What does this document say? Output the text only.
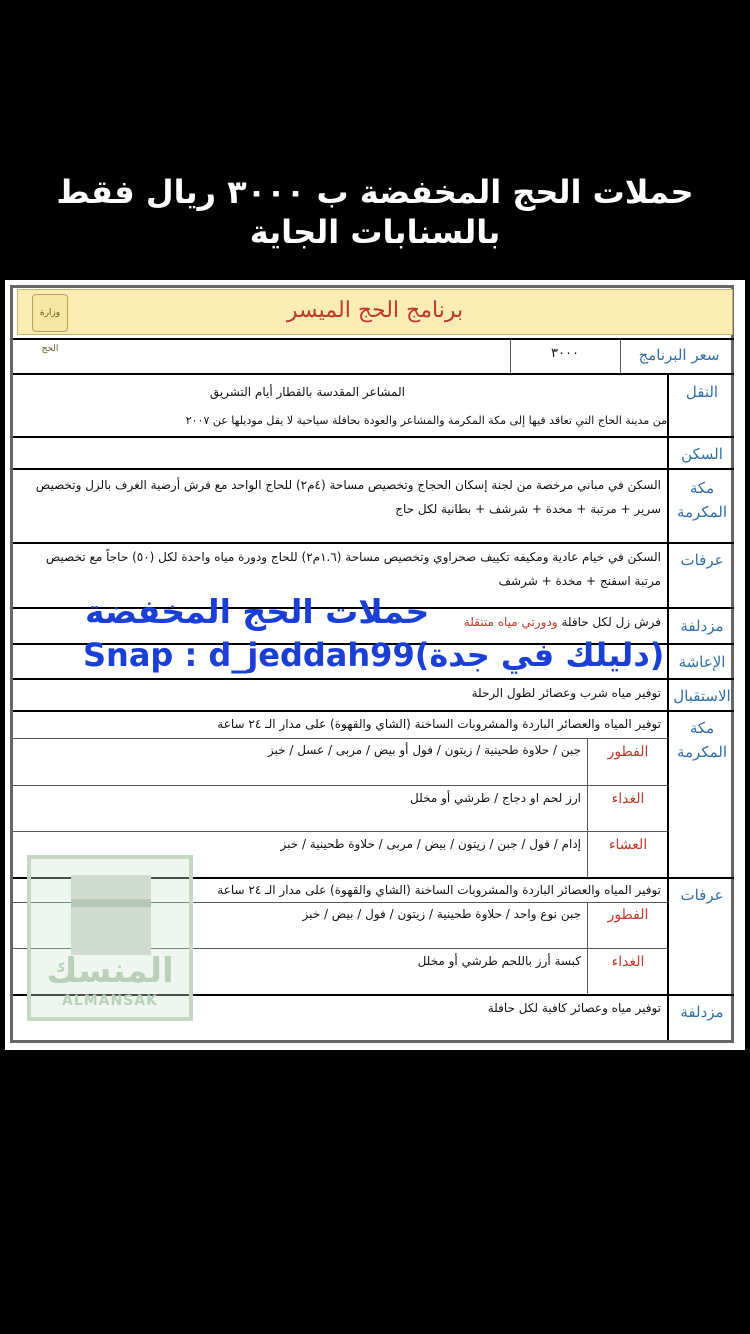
حملات الحج المخفضة ب ٣٠٠٠ ريال فقط
بالسنابات الجاية
وزارة الحج
برنامج الحج الميسر
سعر البرنامج
٣٠٠٠
النقل
المشاعر المقدسة بالقطار أيام التشريق
من مدينة الحاج التي تعاقد فيها إلى مكة المكرمة والمشاعر والعودة بحافلة سياحية لا يقل موديلها عن ٢٠٠٧
السكن
مكة المكرمة
السكن في مباني مرخصة من لجنة إسكان الحجاج وتخصيص مساحة (٤م٢) للحاج الواحد مع فرش أرضية الغرف بالزل وتخصيص سرير + مرتبة + مخدة + شرشف + بطانية لكل حاج
عرفات
السكن في خيام عادية ومكيفه تكييف صحراوي وتخصيص مساحة (١.٦م٢) للحاج ودورة مياه واحدة لكل (٥٠) حاجاً مع تخصيص مرتبة اسفنج + مخدة + شرشف
مزدلفة
فرش زل لكل حافلة ودورتي مياه متنقلة
الإعاشة
الاستقبال
توفير مياه شرب وعصائر لطول الرحلة
مكة المكرمة
توفير المياه والعصائر الباردة والمشروبات الساخنة (الشاي والقهوة) على مدار الـ ٢٤ ساعة
الفطور
جبن / حلاوة طحينية / زيتون / فول أو بيض / مربى / عسل / خبز
الغداء
ارز لحم او دجاج / طرشي أو مخلل
العشاء
إدام / فول / جبن / زيتون / بيض / مربى / حلاوة طحينية / خبز
عرفات
توفير المياه والعصائر الباردة والمشروبات الساخنة (الشاي والقهوة) على مدار الـ ٢٤ ساعة
الفطور
جبن نوع واحد / حلاوة طحينية / زيتون / فول / بيض / خبز
الغداء
كبسة أرز باللحم طرشي أو مخلل
مزدلفة
توفير مياه وعصائر كافية لكل حافلة
المنسك
ALMANSAK
حملات الحج المخفضة
Snap : d_jeddah99(دليلك في جدة)
